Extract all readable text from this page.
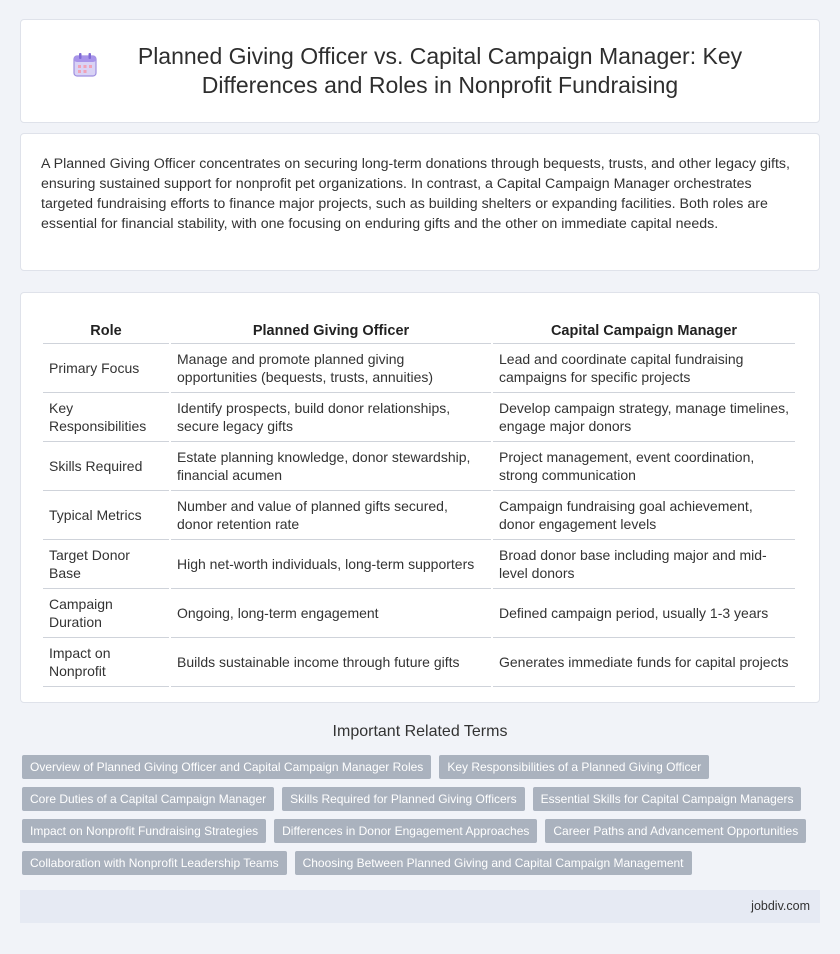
Planned Giving Officer vs. Capital Campaign Manager: Key Differences and Roles in Nonprofit Fundraising

A Planned Giving Officer concentrates on securing long-term donations through bequests, trusts, and other legacy gifts, ensuring sustained support for nonprofit pet organizations. In contrast, a Capital Campaign Manager orchestrates targeted fundraising efforts to finance major projects, such as building shelters or expanding facilities. Both roles are essential for financial stability, with one focusing on enduring gifts and the other on immediate capital needs.

Role	Planned Giving Officer	Capital Campaign Manager
Primary Focus	Manage and promote planned giving opportunities (bequests, trusts, annuities)	Lead and coordinate capital fundraising campaigns for specific projects
Key Responsibilities	Identify prospects, build donor relationships, secure legacy gifts	Develop campaign strategy, manage timelines, engage major donors
Skills Required	Estate planning knowledge, donor stewardship, financial acumen	Project management, event coordination, strong communication
Typical Metrics	Number and value of planned gifts secured, donor retention rate	Campaign fundraising goal achievement, donor engagement levels
Target Donor Base	High net-worth individuals, long-term supporters	Broad donor base including major and mid-level donors
Campaign Duration	Ongoing, long-term engagement	Defined campaign period, usually 1-3 years
Impact on Nonprofit	Builds sustainable income through future gifts	Generates immediate funds for capital projects
Important Related Terms
Overview of Planned Giving Officer and Capital Campaign Manager Roles	Key Responsibilities of a Planned Giving Officer
Core Duties of a Capital Campaign Manager	Skills Required for Planned Giving Officers	Essential Skills for Capital Campaign Managers
Impact on Nonprofit Fundraising Strategies	Differences in Donor Engagement Approaches	Career Paths and Advancement Opportunities
Collaboration with Nonprofit Leadership Teams	Choosing Between Planned Giving and Capital Campaign Management
jobdiv.com
